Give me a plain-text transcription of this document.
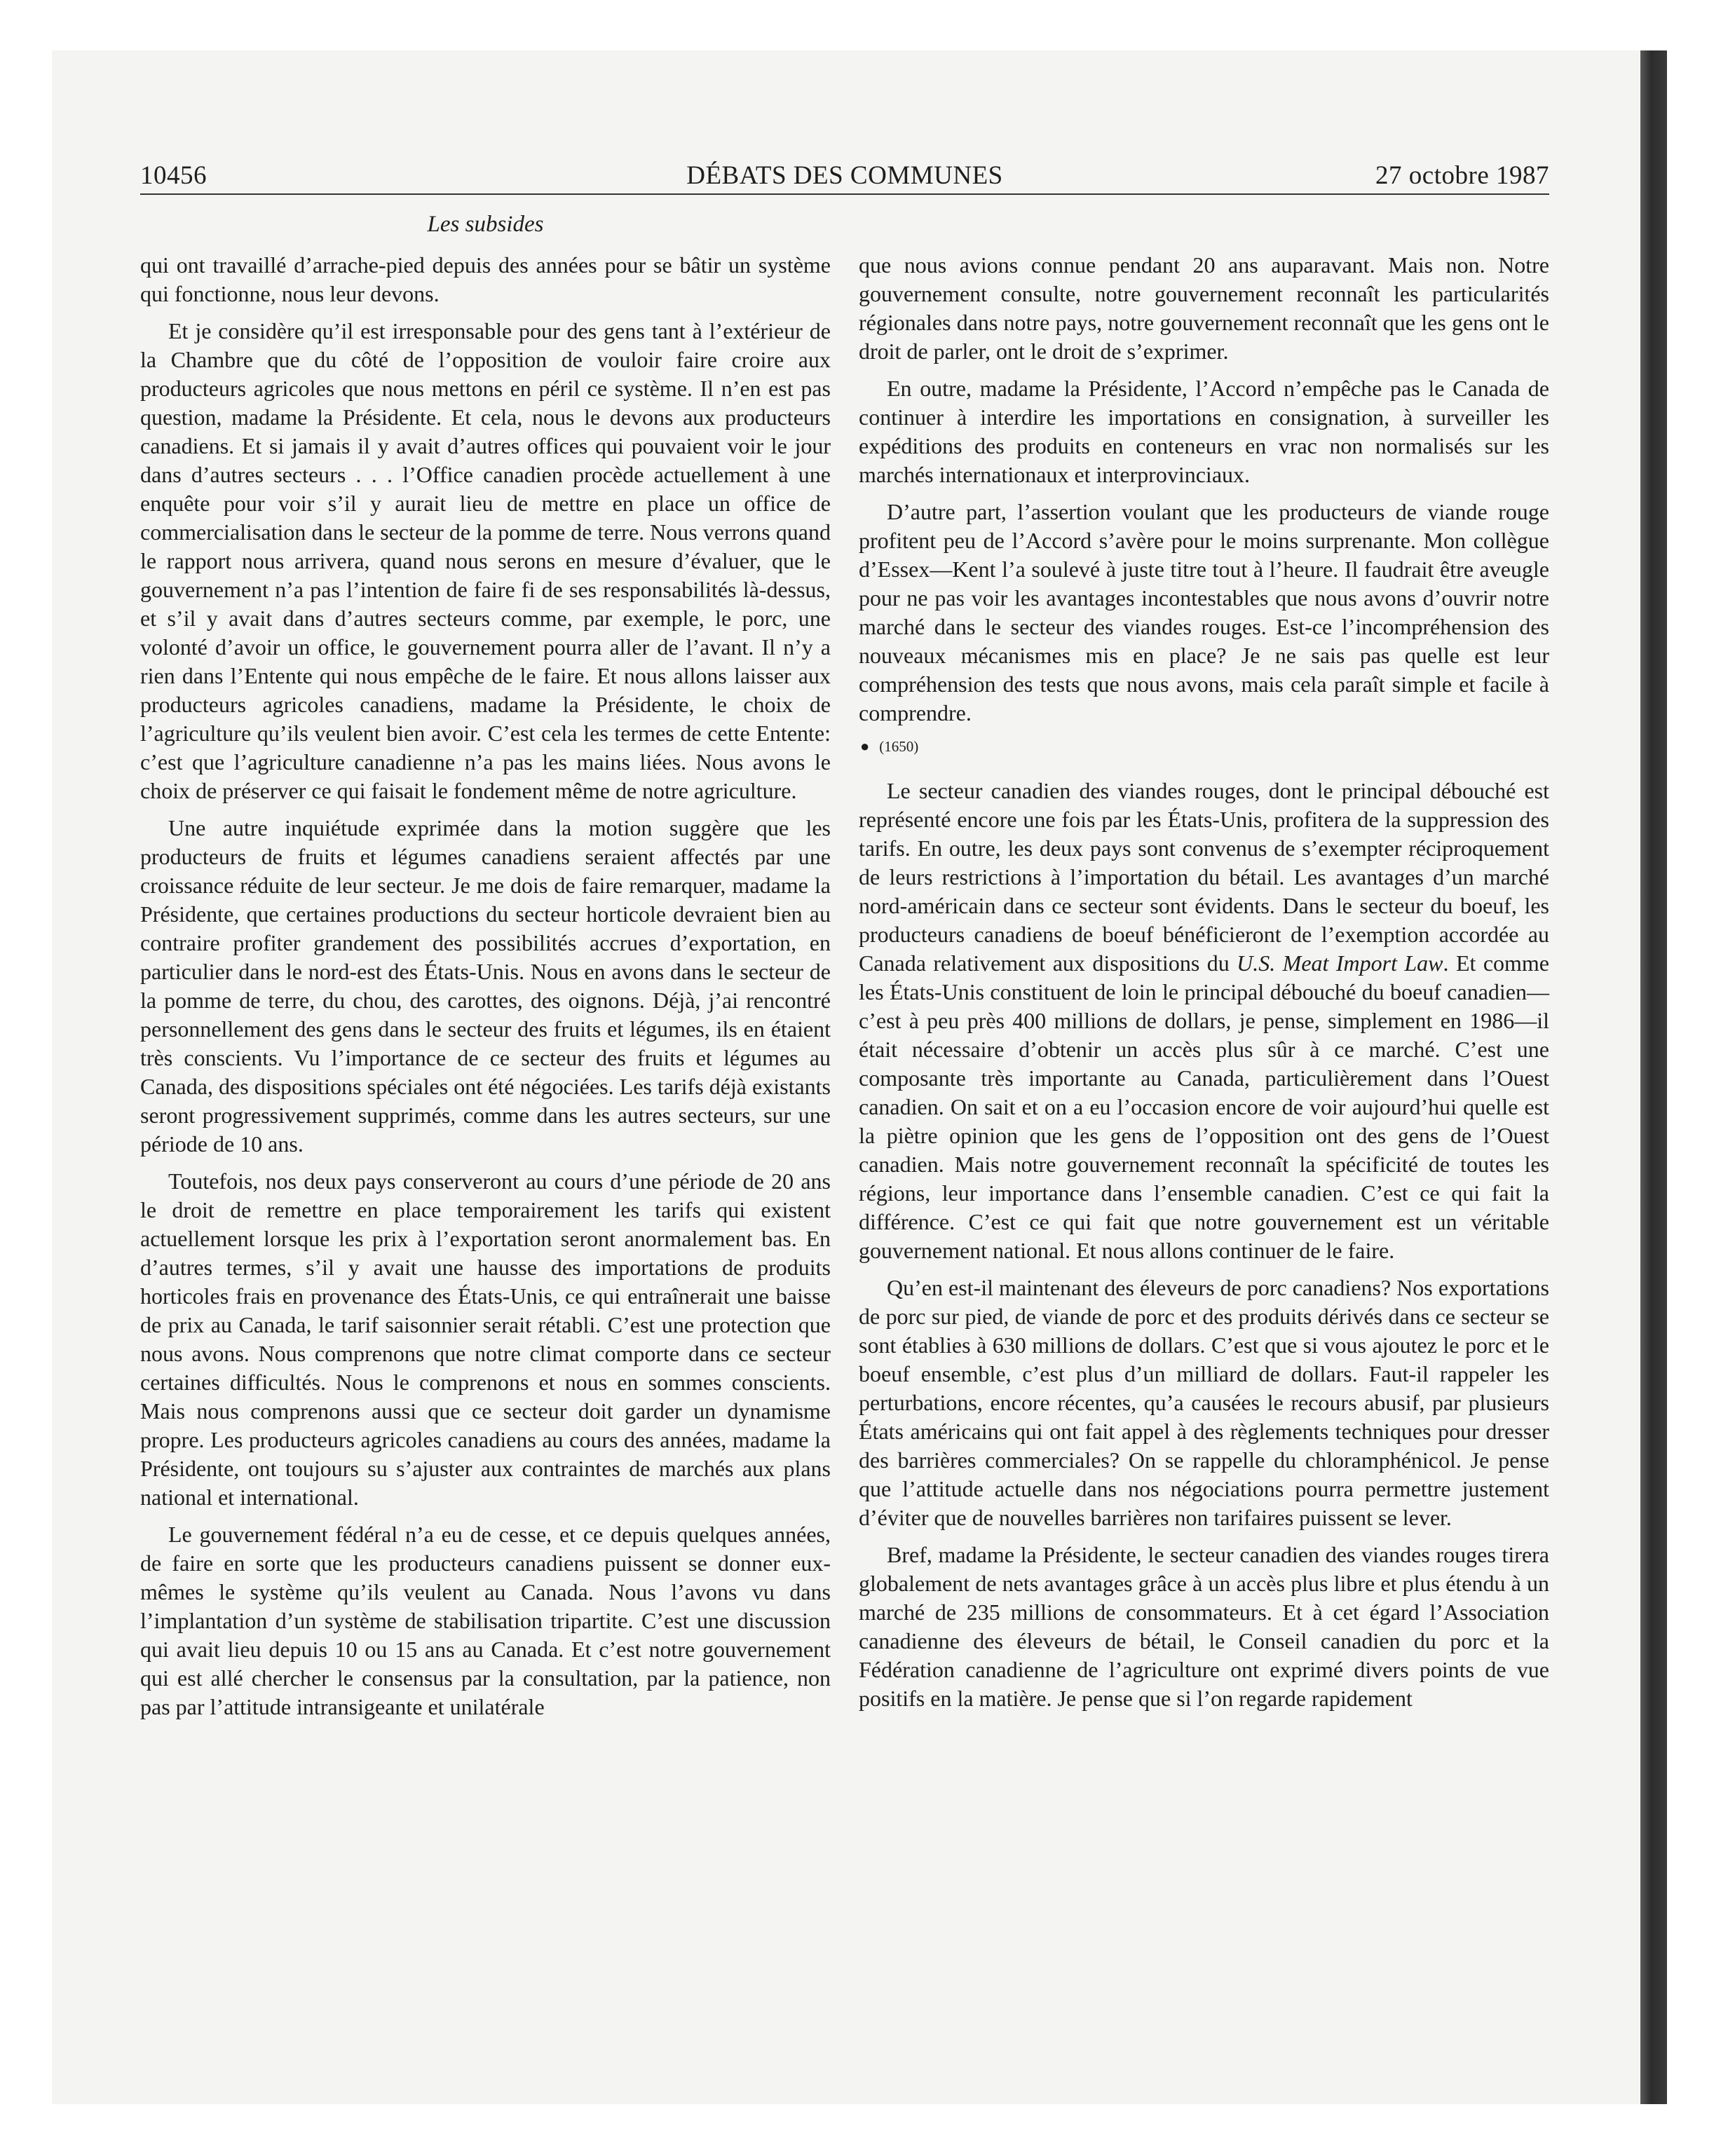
10456	DÉBATS DES COMMUNES	27 octobre 1987
Les subsides

qui ont travaillé d’arrache-pied depuis des années pour se bâtir un système qui fonctionne, nous leur devons.

Et je considère qu’il est irresponsable pour des gens tant à l’extérieur de la Chambre que du côté de l’opposition de vouloir faire croire aux producteurs agricoles que nous mettons en péril ce système. Il n’en est pas question, madame la Présidente. Et cela, nous le devons aux producteurs canadiens. Et si jamais il y avait d’autres offices qui pouvaient voir le jour dans d’autres secteurs . . . l’Office canadien procède actuellement à une enquête pour voir s’il y aurait lieu de mettre en place un office de commercialisation dans le secteur de la pomme de terre. Nous verrons quand le rapport nous arrivera, quand nous serons en mesure d’évaluer, que le gouvernement n’a pas l’intention de faire fi de ses responsabilités là-dessus, et s’il y avait dans d’autres secteurs comme, par exemple, le porc, une volonté d’avoir un office, le gouvernement pourra aller de l’avant. Il n’y a rien dans l’Entente qui nous empêche de le faire. Et nous allons laisser aux producteurs agricoles canadiens, madame la Présidente, le choix de l’agriculture qu’ils veulent bien avoir. C’est cela les termes de cette Entente: c’est que l’agriculture canadienne n’a pas les mains liées. Nous avons le choix de préserver ce qui faisait le fondement même de notre agriculture.

Une autre inquiétude exprimée dans la motion suggère que les producteurs de fruits et légumes canadiens seraient affectés par une croissance réduite de leur secteur. Je me dois de faire remarquer, madame la Présidente, que certaines productions du secteur horticole devraient bien au contraire profiter grandement des possibilités accrues d’exportation, en particulier dans le nord-est des États-Unis. Nous en avons dans le secteur de la pomme de terre, du chou, des carottes, des oignons. Déjà, j’ai rencontré personnellement des gens dans le secteur des fruits et légumes, ils en étaient très conscients. Vu l’importance de ce secteur des fruits et légumes au Canada, des dispositions spéciales ont été négociées. Les tarifs déjà existants seront progressivement supprimés, comme dans les autres secteurs, sur une période de 10 ans.

Toutefois, nos deux pays conserveront au cours d’une période de 20 ans le droit de remettre en place temporairement les tarifs qui existent actuellement lorsque les prix à l’exportation seront anormalement bas. En d’autres termes, s’il y avait une hausse des importations de produits horticoles frais en provenance des États-Unis, ce qui entraînerait une baisse de prix au Canada, le tarif saisonnier serait rétabli. C’est une protection que nous avons. Nous comprenons que notre climat comporte dans ce secteur certaines difficultés. Nous le comprenons et nous en sommes conscients. Mais nous comprenons aussi que ce secteur doit garder un dynamisme propre. Les producteurs agricoles canadiens au cours des années, madame la Présidente, ont toujours su s’ajuster aux contraintes de marchés aux plans national et international.

Le gouvernement fédéral n’a eu de cesse, et ce depuis quelques années, de faire en sorte que les producteurs canadiens puissent se donner eux-mêmes le système qu’ils veulent au Canada. Nous l’avons vu dans l’implantation d’un système de stabilisation tripartite. C’est une discussion qui avait lieu depuis 10 ou 15 ans au Canada. Et c’est notre gouvernement qui est allé chercher le consensus par la consultation, par la patience, non pas par l’attitude intransigeante et unilatérale

que nous avions connue pendant 20 ans auparavant. Mais non. Notre gouvernement consulte, notre gouvernement reconnaît les particularités régionales dans notre pays, notre gouvernement reconnaît que les gens ont le droit de parler, ont le droit de s’exprimer.

En outre, madame la Présidente, l’Accord n’empêche pas le Canada de continuer à interdire les importations en consignation, à surveiller les expéditions des produits en conteneurs en vrac non normalisés sur les marchés internationaux et interprovinciaux.

D’autre part, l’assertion voulant que les producteurs de viande rouge profitent peu de l’Accord s’avère pour le moins surprenante. Mon collègue d’Essex—Kent l’a soulevé à juste titre tout à l’heure. Il faudrait être aveugle pour ne pas voir les avantages incontestables que nous avons d’ouvrir notre marché dans le secteur des viandes rouges. Est-ce l’incompréhension des nouveaux mécanismes mis en place? Je ne sais pas quelle est leur compréhension des tests que nous avons, mais cela paraît simple et facile à comprendre.

● (1650)

Le secteur canadien des viandes rouges, dont le principal débouché est représenté encore une fois par les États-Unis, profitera de la suppression des tarifs. En outre, les deux pays sont convenus de s’exempter réciproquement de leurs restrictions à l’importation du bétail. Les avantages d’un marché nord-américain dans ce secteur sont évidents. Dans le secteur du boeuf, les producteurs canadiens de boeuf bénéficieront de l’exemption accordée au Canada relativement aux dispositions du U.S. Meat Import Law. Et comme les États-Unis constituent de loin le principal débouché du boeuf canadien—c’est à peu près 400 millions de dollars, je pense, simplement en 1986—il était nécessaire d’obtenir un accès plus sûr à ce marché. C’est une composante très importante au Canada, particulièrement dans l’Ouest canadien. On sait et on a eu l’occasion encore de voir aujourd’hui quelle est la piètre opinion que les gens de l’opposition ont des gens de l’Ouest canadien. Mais notre gouvernement reconnaît la spécificité de toutes les régions, leur importance dans l’ensemble canadien. C’est ce qui fait la différence. C’est ce qui fait que notre gouvernement est un véritable gouvernement national. Et nous allons continuer de le faire.

Qu’en est-il maintenant des éleveurs de porc canadiens? Nos exportations de porc sur pied, de viande de porc et des produits dérivés dans ce secteur se sont établies à 630 millions de dollars. C’est que si vous ajoutez le porc et le boeuf ensemble, c’est plus d’un milliard de dollars. Faut-il rappeler les perturbations, encore récentes, qu’a causées le recours abusif, par plusieurs États américains qui ont fait appel à des règlements techniques pour dresser des barrières commerciales? On se rappelle du chloramphénicol. Je pense que l’attitude actuelle dans nos négociations pourra permettre justement d’éviter que de nouvelles barrières non tarifaires puissent se lever.

Bref, madame la Présidente, le secteur canadien des viandes rouges tirera globalement de nets avantages grâce à un accès plus libre et plus étendu à un marché de 235 millions de consommateurs. Et à cet égard l’Association canadienne des éleveurs de bétail, le Conseil canadien du porc et la Fédération canadienne de l’agriculture ont exprimé divers points de vue positifs en la matière. Je pense que si l’on regarde rapidement
